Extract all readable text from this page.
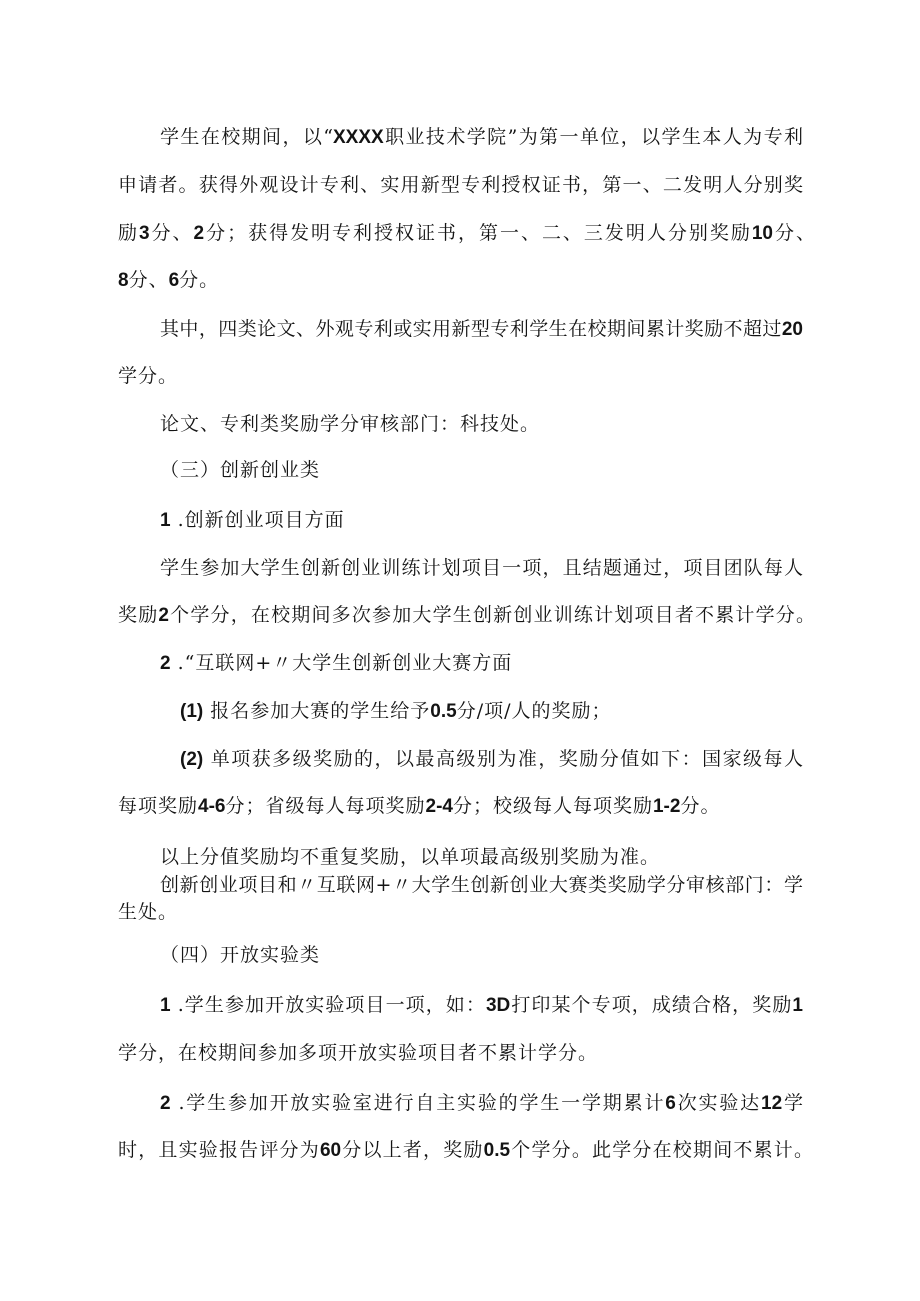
学生在校期间，以“XXXX职业技术学院”为第一单位，以学生本人为专利
申请者。获得外观设计专利、实用新型专利授权证书，第一、二发明人分别奖
励3分、2分；获得发明专利授权证书，第一、二、三发明人分别奖励10分、
8分、6分。
其中，四类论文、外观专利或实用新型专利学生在校期间累计奖励不超过20
学分。
论文、专利类奖励学分审核部门：科技处。
（三）创新创业类
1 .创新创业项目方面
学生参加大学生创新创业训练计划项目一项，且结题通过，项目团队每人
奖励2个学分，在校期间多次参加大学生创新创业训练计划项目者不累计学分。
2 .“互联网+〃大学生创新创业大赛方面
(1) 报名参加大赛的学生给予0.5分/项/人的奖励；
(2) 单项获多级奖励的，以最高级别为准，奖励分值如下：国家级每人
每项奖励4-6分；省级每人每项奖励2-4分；校级每人每项奖励1-2分。
以上分值奖励均不重复奖励，以单项最高级别奖励为准。
创新创业项目和〃互联网+〃大学生创新创业大赛类奖励学分审核部门：学
生处。
（四）开放实验类
1 .学生参加开放实验项目一项，如：3D打印某个专项，成绩合格，奖励1
学分，在校期间参加多项开放实验项目者不累计学分。
2 .学生参加开放实验室进行自主实验的学生一学期累计6次实验达12学
时，且实验报告评分为60分以上者，奖励0.5个学分。此学分在校期间不累计。
